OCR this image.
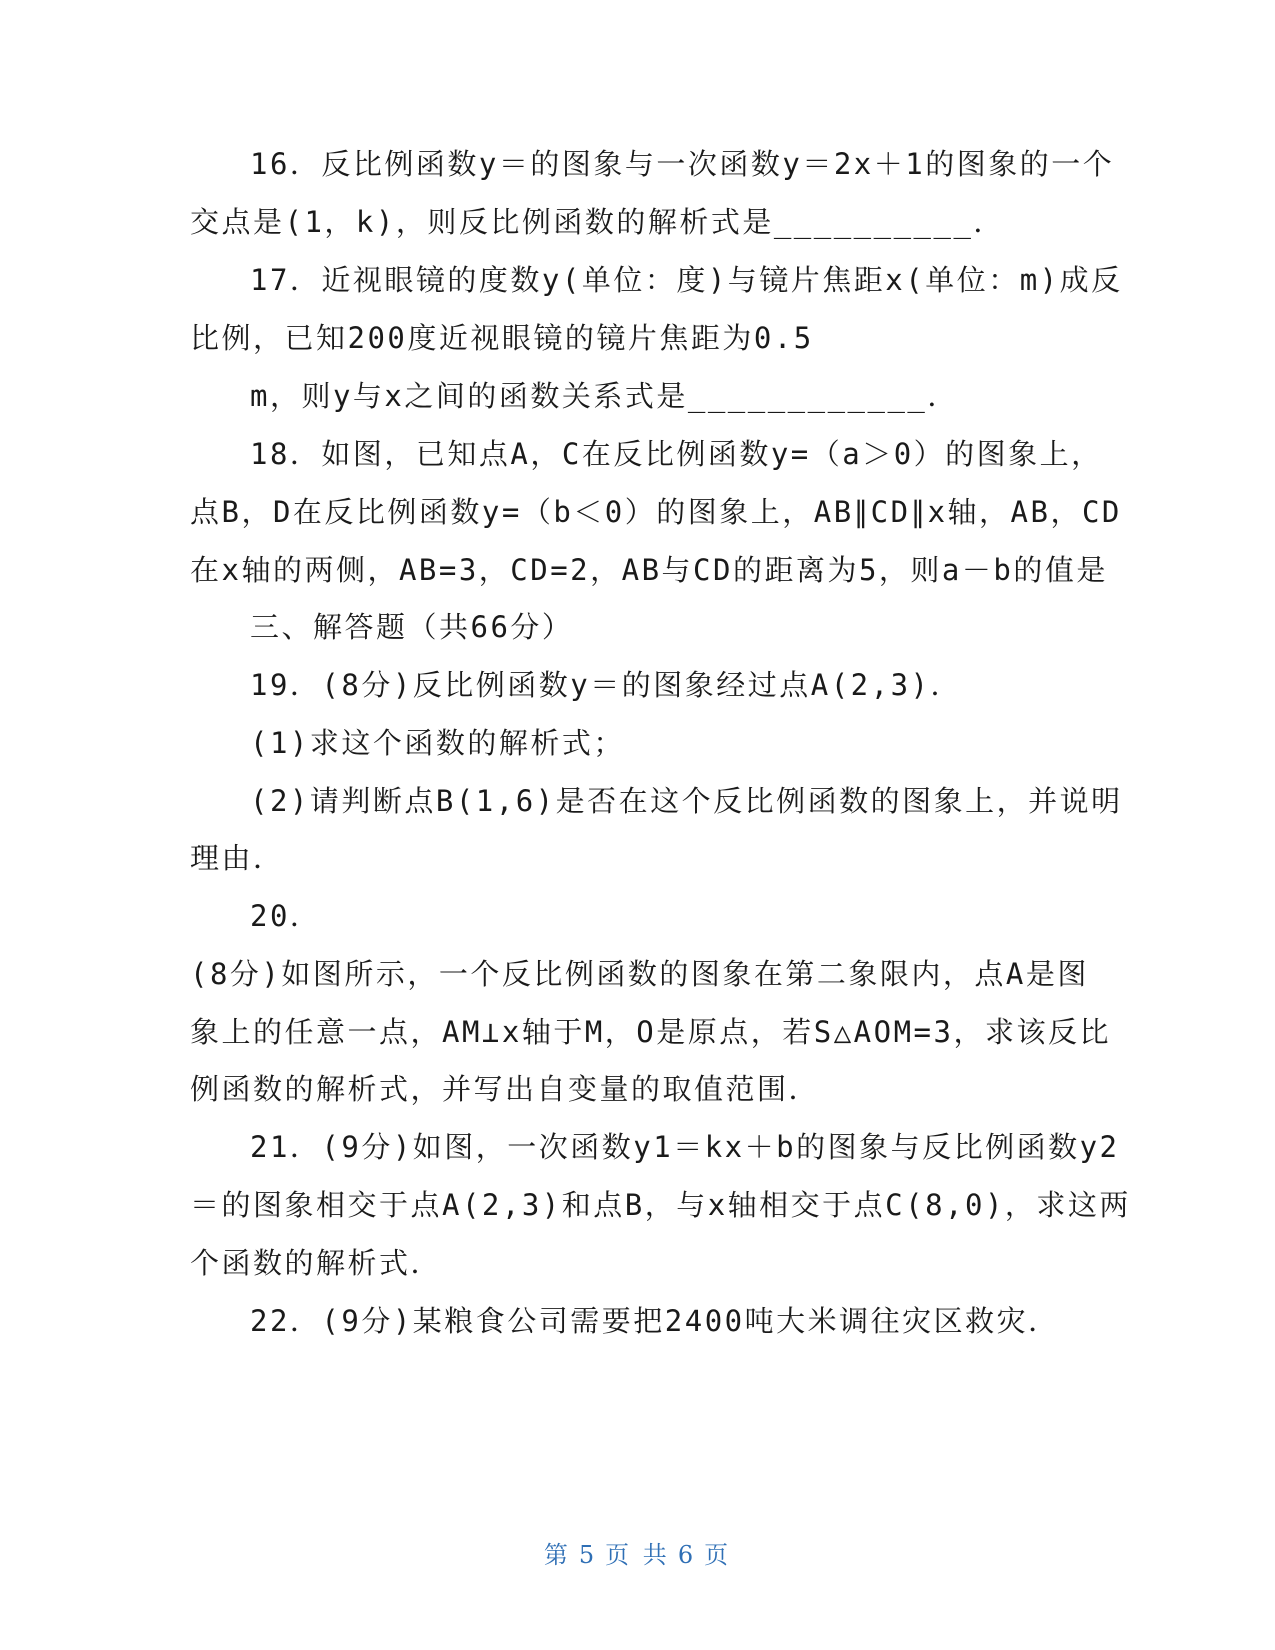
16．反比例函数y＝的图象与一次函数y＝2x＋1的图象的一个
交点是(1，k)，则反比例函数的解析式是__________．
17．近视眼镜的度数y(单位：度)与镜片焦距x(单位：m)成反
比例，已知200度近视眼镜的镜片焦距为0.5
m，则y与x之间的函数关系式是____________．
18．如图，已知点A，C在反比例函数y=（a＞0）的图象上，
点B，D在反比例函数y=（b＜0）的图象上，AB∥CD∥x轴，AB，CD
在x轴的两侧，AB=3，CD=2，AB与CD的距离为5，则a－b的值是
三、解答题（共66分）
19．(8分)反比例函数y＝的图象经过点A(2,3)．
(1)求这个函数的解析式；
(2)请判断点B(1,6)是否在这个反比例函数的图象上，并说明
理由．
20．
(8分)如图所示，一个反比例函数的图象在第二象限内，点A是图
象上的任意一点，AM⊥x轴于M，O是原点，若S△AOM=3，求该反比
例函数的解析式，并写出自变量的取值范围．
21．(9分)如图，一次函数y1＝kx＋b的图象与反比例函数y2
＝的图象相交于点A(2,3)和点B，与x轴相交于点C(8,0)，求这两
个函数的解析式．
22．(9分)某粮食公司需要把2400吨大米调往灾区救灾．
第 5 页 共 6 页
